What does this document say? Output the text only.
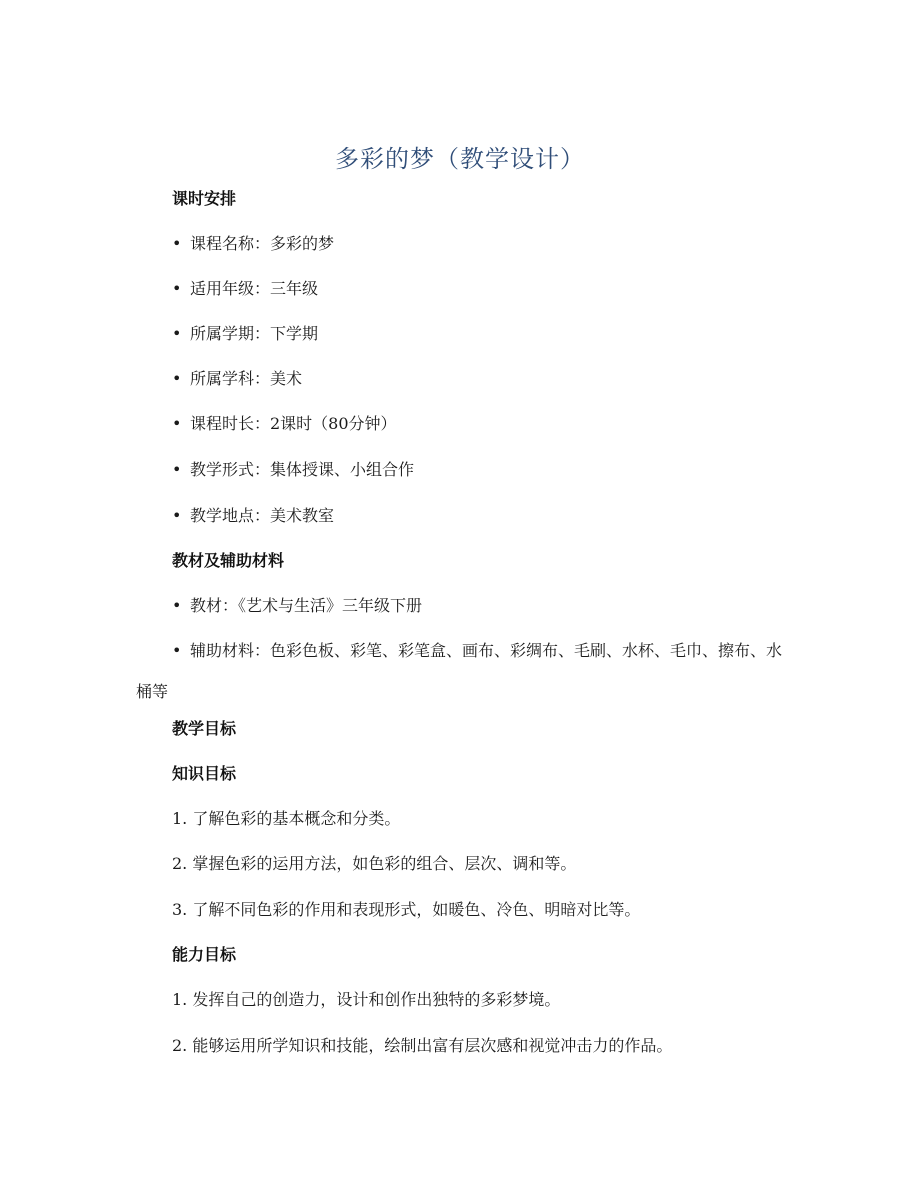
多彩的梦（教学设计）
课时安排
• 课程名称：多彩的梦
• 适用年级：三年级
• 所属学期：下学期
• 所属学科：美术
• 课程时长：2课时（80分钟）
• 教学形式：集体授课、小组合作
• 教学地点：美术教室
教材及辅助材料
• 教材：《艺术与生活》三年级下册
• 辅助材料：色彩色板、彩笔、彩笔盒、画布、彩绸布、毛刷、水杯、毛巾、擦布、水桶等
教学目标
知识目标
1. 了解色彩的基本概念和分类。
2. 掌握色彩的运用方法，如色彩的组合、层次、调和等。
3. 了解不同色彩的作用和表现形式，如暖色、冷色、明暗对比等。
能力目标
1. 发挥自己的创造力，设计和创作出独特的多彩梦境。
2. 能够运用所学知识和技能，绘制出富有层次感和视觉冲击力的作品。
